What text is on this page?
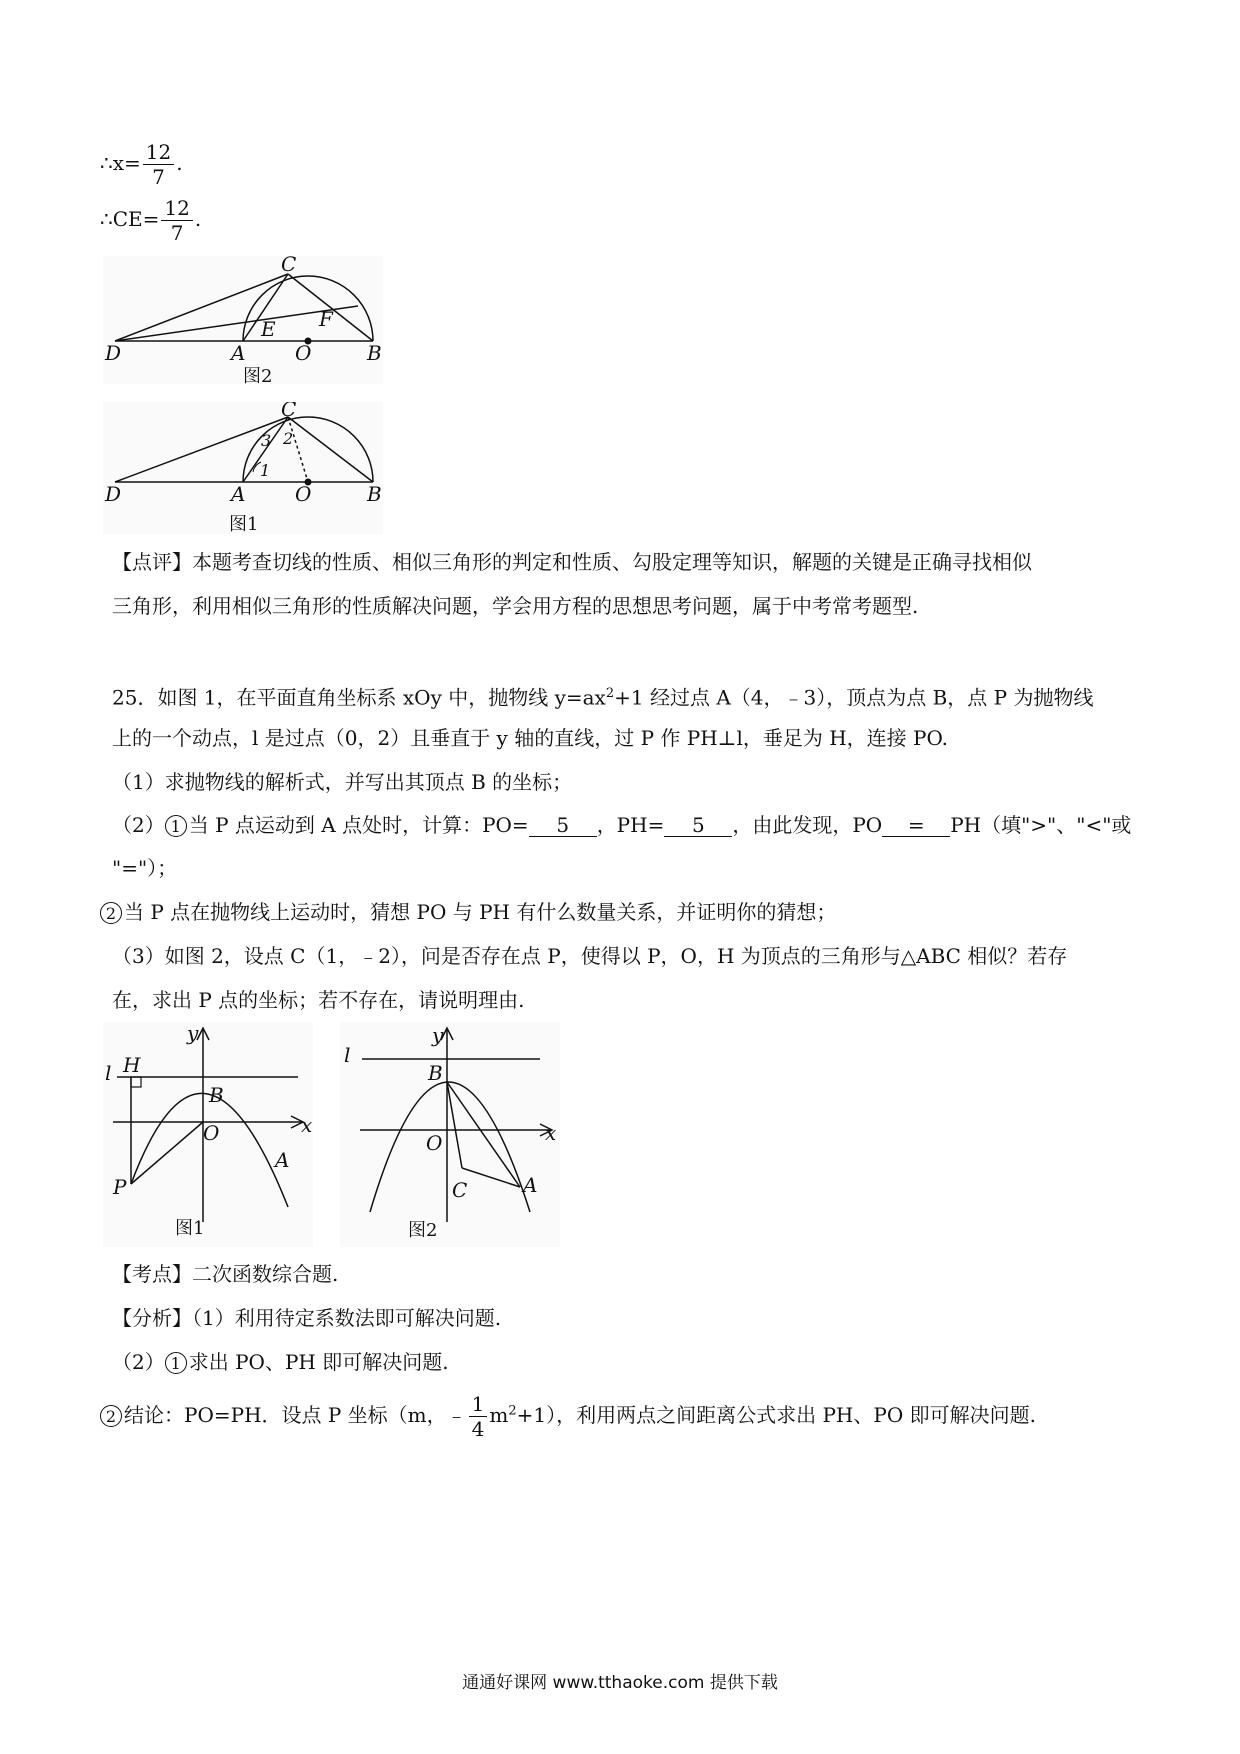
∴x= $\frac{12}{7}$ .
∴CE= $\frac{12}{7}$ .
C
E F
D	A O	B
图2
C
3 2
1
D	A O	B
图1
【点评】本题考查切线的性质、相似三角形的判定和性质、勾股定理等知识，解题的关键是正确寻找相似
三角形，利用相似三角形的性质解决问题，学会用方程的思想思考问题，属于中考常考题型.
25．如图 1，在平面直角坐标系 xOy 中，抛物线 $y=ax^2+1$ 经过点 A（4，﹣3），顶点为点 B，点 P 为抛物线
上的一个动点，l 是过点（0，2）且垂直于 y 轴的直线，过 P 作 PH⊥l，垂足为 H，连接 PO.
（1）求抛物线的解析式，并写出其顶点 B 的坐标；
（2） 1 当 P 点运动到 A 点处时，计算：PO= 5 ，PH= 5 ，由此发现，PO = PH（填">"、"<"或
"="）；
2 当 P 点在抛物线上运动时，猜想 PO 与 PH 有什么数量关系，并证明你的猜想；
（3）如图 2，设点 C（1，﹣2），问是否存在点 P，使得以 P，O，H 为顶点的三角形与△ABC 相似？若存
在，求出 P 点的坐标；若不存在，请说明理由.
y
x
l H
B
O
A
P
图1
y
x
l
B
O
C	A
图2
【考点】二次函数综合题.
【分析】（1）利用待定系数法即可解决问题.
（2） 1 求出 PO、PH 即可解决问题.
2 结论：PO=PH．设点 P 坐标（m，﹣ $\frac{1}{4} m^2+1$），利用两点之间距离公式求出 PH、PO 即可解决问题.
通通好课网 www.tthaoke.com 提供下载
